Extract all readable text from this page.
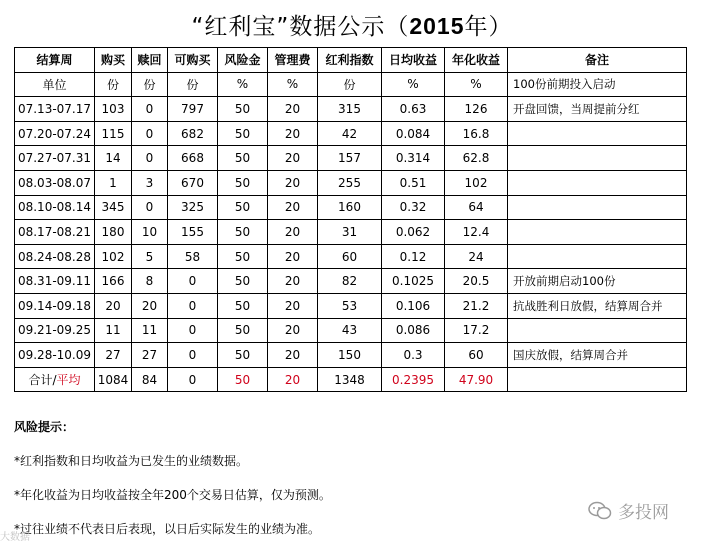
“红利宝”数据公示（2015年）
结算周	购买	赎回	可购买	风险金	管理费	红利指数	日均收益	年化收益	备注
单位	份	份	份	%	%	份	%	%	100份前期投入启动
07.13-07.17	103	0	797	50	20	315	0.63	126	开盘回馈，当周提前分红
07.20-07.24	115	0	682	50	20	42	0.084	16.8	
07.27-07.31	14	0	668	50	20	157	0.314	62.8	
08.03-08.07	1	3	670	50	20	255	0.51	102	
08.10-08.14	345	0	325	50	20	160	0.32	64	
08.17-08.21	180	10	155	50	20	31	0.062	12.4	
08.24-08.28	102	5	58	50	20	60	0.12	24	
08.31-09.11	166	8	0	50	20	82	0.1025	20.5	开放前期启动100份
09.14-09.18	20	20	0	50	20	53	0.106	21.2	抗战胜利日放假，结算周合并
09.21-09.25	11	11	0	50	20	43	0.086	17.2	
09.28-10.09	27	27	0	50	20	150	0.3	60	国庆放假，结算周合并
合计/平均	1084	84	0	50	20	1348	0.2395	47.90	
风险提示：
*红利指数和日均收益为已发生的业绩数据。
*年化收益为日均收益按全年200个交易日估算，仅为预测。
*过往业绩不代表日后表现，以日后实际发生的业绩为准。
多投网
大数据
